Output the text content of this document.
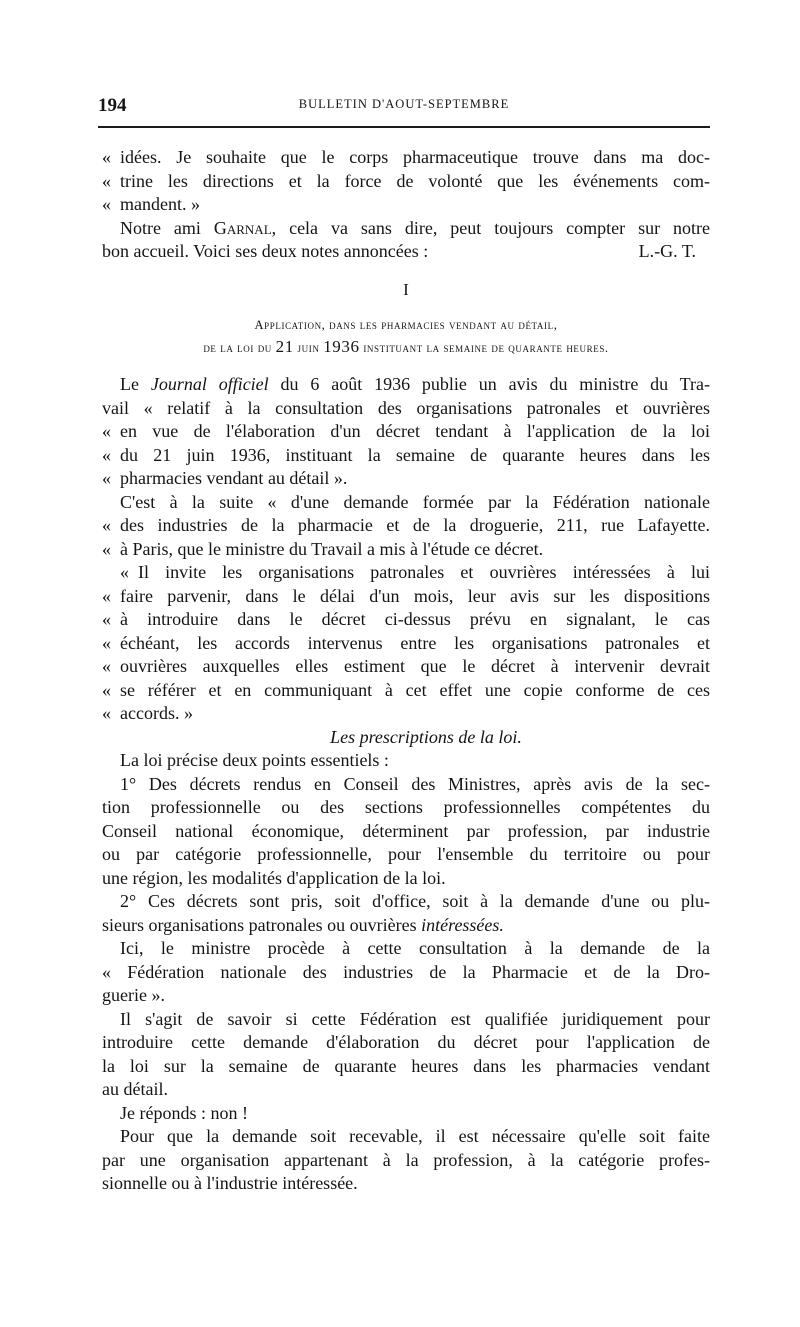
194	BULLETIN D'AOUT-SEPTEMBRE
« idées. Je souhaite que le corps pharmaceutique trouve dans ma doc-
« trine les directions et la force de volonté que les événements com-
« mandent. »
Notre ami Garnal, cela va sans dire, peut toujours compter sur notre
bon accueil. Voici ses deux notes annoncées :	L.-G. T.
I
Application, dans les pharmacies vendant au détail,
de la loi du 21 juin 1936 instituant la semaine de quarante heures.
Le Journal officiel du 6 août 1936 publie un avis du ministre du Tra-
vail « relatif à la consultation des organisations patronales et ouvrières
« en vue de l'élaboration d'un décret tendant à l'application de la loi
« du 21 juin 1936, instituant la semaine de quarante heures dans les
« pharmacies vendant au détail ».
C'est à la suite « d'une demande formée par la Fédération nationale
« des industries de la pharmacie et de la droguerie, 211, rue Lafayette.
« à Paris, que le ministre du Travail a mis à l'étude ce décret.
« Il invite les organisations patronales et ouvrières intéressées à lui
« faire parvenir, dans le délai d'un mois, leur avis sur les dispositions
« à introduire dans le décret ci-dessus prévu en signalant, le cas
« échéant, les accords intervenus entre les organisations patronales et
« ouvrières auxquelles elles estiment que le décret à intervenir devrait
« se référer et en communiquant à cet effet une copie conforme de ces
« accords. »
Les prescriptions de la loi.
La loi précise deux points essentiels :
1° Des décrets rendus en Conseil des Ministres, après avis de la sec-
tion professionnelle ou des sections professionnelles compétentes du
Conseil national économique, déterminent par profession, par industrie
ou par catégorie professionnelle, pour l'ensemble du territoire ou pour
une région, les modalités d'application de la loi.
2° Ces décrets sont pris, soit d'office, soit à la demande d'une ou plu-
sieurs organisations patronales ou ouvrières intéressées.
Ici, le ministre procède à cette consultation à la demande de la
« Fédération nationale des industries de la Pharmacie et de la Dro-
guerie ».
Il s'agit de savoir si cette Fédération est qualifiée juridiquement pour
introduire cette demande d'élaboration du décret pour l'application de
la loi sur la semaine de quarante heures dans les pharmacies vendant
au détail.
Je réponds : non !
Pour que la demande soit recevable, il est nécessaire qu'elle soit faite
par une organisation appartenant à la profession, à la catégorie profes-
sionnelle ou à l'industrie intéressée.
